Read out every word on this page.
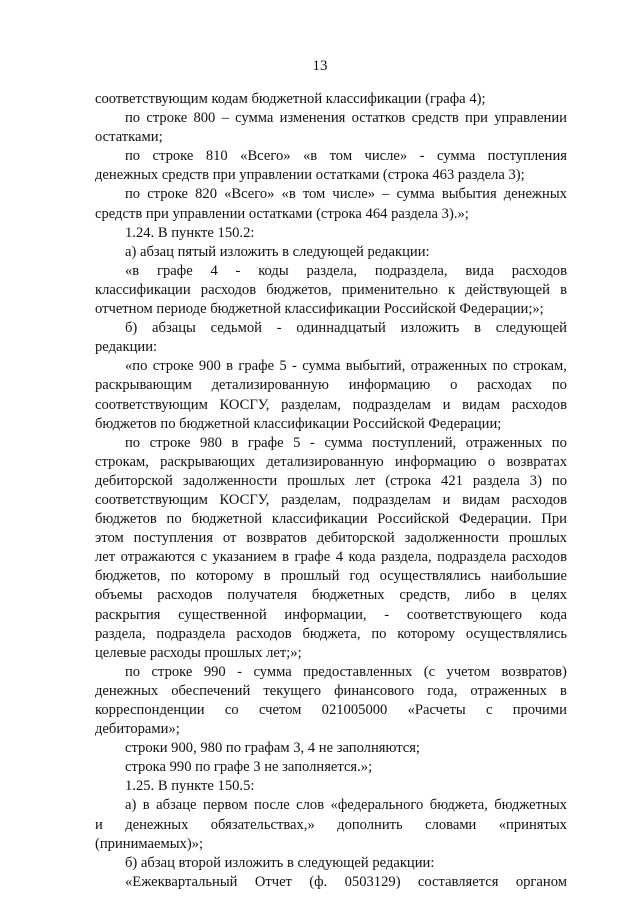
13
соответствующим кодам бюджетной классификации (графа 4);
по строке 800 – сумма изменения остатков средств при управлении
остатками;
по строке 810 «Всего» «в том числе» - сумма поступления
денежных средств при управлении остатками (строка 463 раздела 3);
по строке 820 «Всего» «в том числе» – сумма выбытия денежных
средств при управлении остатками (строка 464 раздела 3).»;
1.24. В пункте 150.2:
а) абзац пятый изложить в следующей редакции:
«в графе 4 - коды раздела, подраздела, вида расходов
классификации расходов бюджетов, применительно к действующей в
отчетном периоде бюджетной классификации Российской Федерации;»;
б) абзацы седьмой - одиннадцатый изложить в следующей
редакции:
«по строке 900 в графе 5 - сумма выбытий, отраженных по строкам,
раскрывающим детализированную информацию о расходах по
соответствующим КОСГУ, разделам, подразделам и видам расходов
бюджетов по бюджетной классификации Российской Федерации;
по строке 980 в графе 5 - сумма поступлений, отраженных по
строкам, раскрывающих детализированную информацию о возвратах
дебиторской задолженности прошлых лет (строка 421 раздела 3) по
соответствующим КОСГУ, разделам, подразделам и видам расходов
бюджетов по бюджетной классификации Российской Федерации. При
этом поступления от возвратов дебиторской задолженности прошлых
лет отражаются с указанием в графе 4 кода раздела, подраздела расходов
бюджетов, по которому в прошлый год осуществлялись наибольшие
объемы расходов получателя бюджетных средств, либо в целях
раскрытия существенной информации, - соответствующего кода
раздела, подраздела расходов бюджета, по которому осуществлялись
целевые расходы прошлых лет;»;
по строке 990 - сумма предоставленных (с учетом возвратов)
денежных обеспечений текущего финансового года, отраженных в
корреспонденции со счетом 021005000 «Расчеты с прочими
дебиторами»;
строки 900, 980 по графам 3, 4 не заполняются;
строка 990 по графе 3 не заполняется.»;
1.25. В пункте 150.5:
а) в абзаце первом после слов «федерального бюджета, бюджетных
и денежных обязательствах,» дополнить словами «принятых
(принимаемых)»;
б) абзац второй изложить в следующей редакции:
«Ежеквартальный Отчет (ф. 0503129) составляется органом
